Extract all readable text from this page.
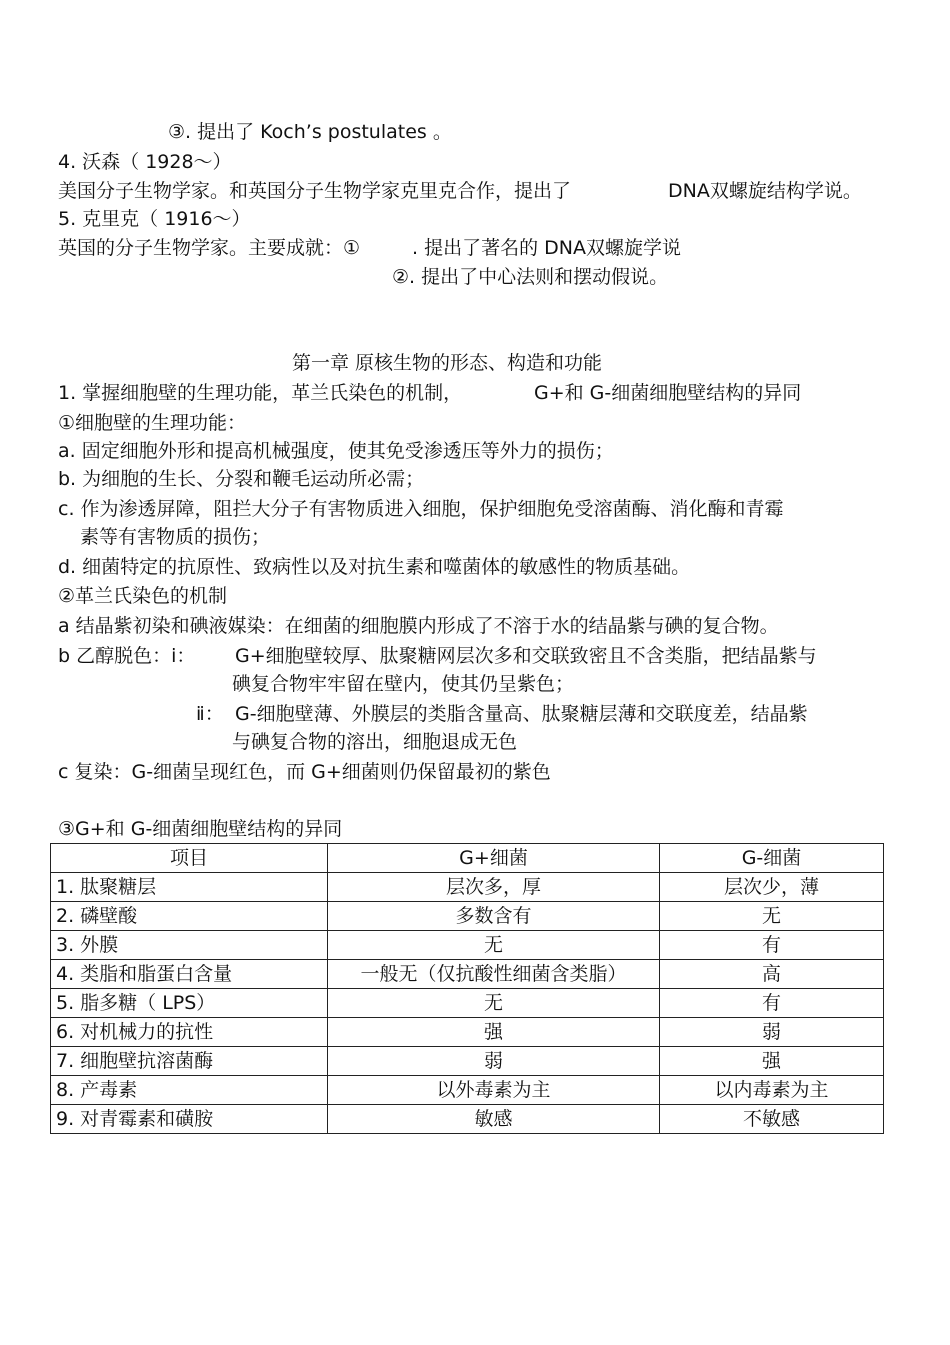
③. 提出了 Koch’s postulates 。
4. 沃森（ 1928～）
美国分子生物学家。和英国分子生物学家克里克合作，提出了	DNA双螺旋结构学说。
5. 克里克（ 1916～）
英国的分子生物学家。主要成就：①	. 提出了著名的 DNA双螺旋学说
②. 提出了中心法则和摆动假说。
第一章 原核生物的形态、构造和功能
1. 掌握细胞壁的生理功能，革兰氏染色的机制，	G+和 G-细菌细胞壁结构的异同
①细胞壁的生理功能：
a. 固定细胞外形和提高机械强度，使其免受渗透压等外力的损伤；
b. 为细胞的生长、分裂和鞭毛运动所必需；
c. 作为渗透屏障，阻拦大分子有害物质进入细胞，保护细胞免受溶菌酶、消化酶和青霉
素等有害物质的损伤；
d. 细菌特定的抗原性、致病性以及对抗生素和噬菌体的敏感性的物质基础。
②革兰氏染色的机制
a 结晶紫初染和碘液媒染：在细菌的细胞膜内形成了不溶于水的结晶紫与碘的复合物。
b 乙醇脱色：ⅰ： G+细胞壁较厚、肽聚糖网层次多和交联致密且不含类脂，把结晶紫与
碘复合物牢牢留在壁内，使其仍呈紫色；
ⅱ： G-细胞壁薄、外膜层的类脂含量高、肽聚糖层薄和交联度差，结晶紫
与碘复合物的溶出，细胞退成无色
c 复染：G-细菌呈现红色，而 G+细菌则仍保留最初的紫色
③G+和 G-细菌细胞壁结构的异同
项目	G+细菌	G-细菌
1. 肽聚糖层	层次多，厚	层次少，薄
2. 磷壁酸	多数含有	无
3. 外膜	无	有
4. 类脂和脂蛋白含量	一般无（仅抗酸性细菌含类脂）	高
5. 脂多糖（ LPS）	无	有
6. 对机械力的抗性	强	弱
7. 细胞壁抗溶菌酶	弱	强
8. 产毒素	以外毒素为主	以内毒素为主
9. 对青霉素和磺胺	敏感	不敏感
